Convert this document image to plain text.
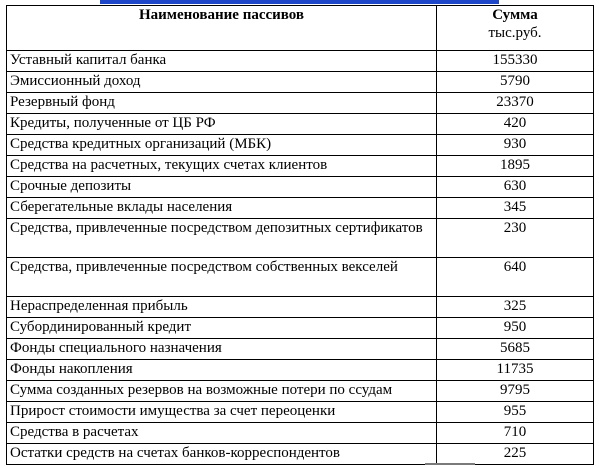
Наименование пассивов	Сумма
тыс.руб.

Уставный капитал банка	155330
Эмиссионный доход	5790
Резервный фонд	23370
Кредиты, полученные от ЦБ РФ	420
Средства кредитных организаций (МБК)	930
Средства на расчетных, текущих счетах клиентов	1895
Срочные депозиты	630
Сберегательные вклады населения	345
Средства, привлеченные посредством депозитных сертификатов	230
Средства, привлеченные посредством собственных векселей	640
Нераспределенная прибыль	325
Субординированный кредит	950
Фонды специального назначения	5685
Фонды накопления	11735
Сумма созданных резервов на возможные потери по ссудам	9795
Прирост стоимости имущества за счет переоценки	955
Средства в расчетах	710
Остатки средств на счетах банков-корреспондентов	225
